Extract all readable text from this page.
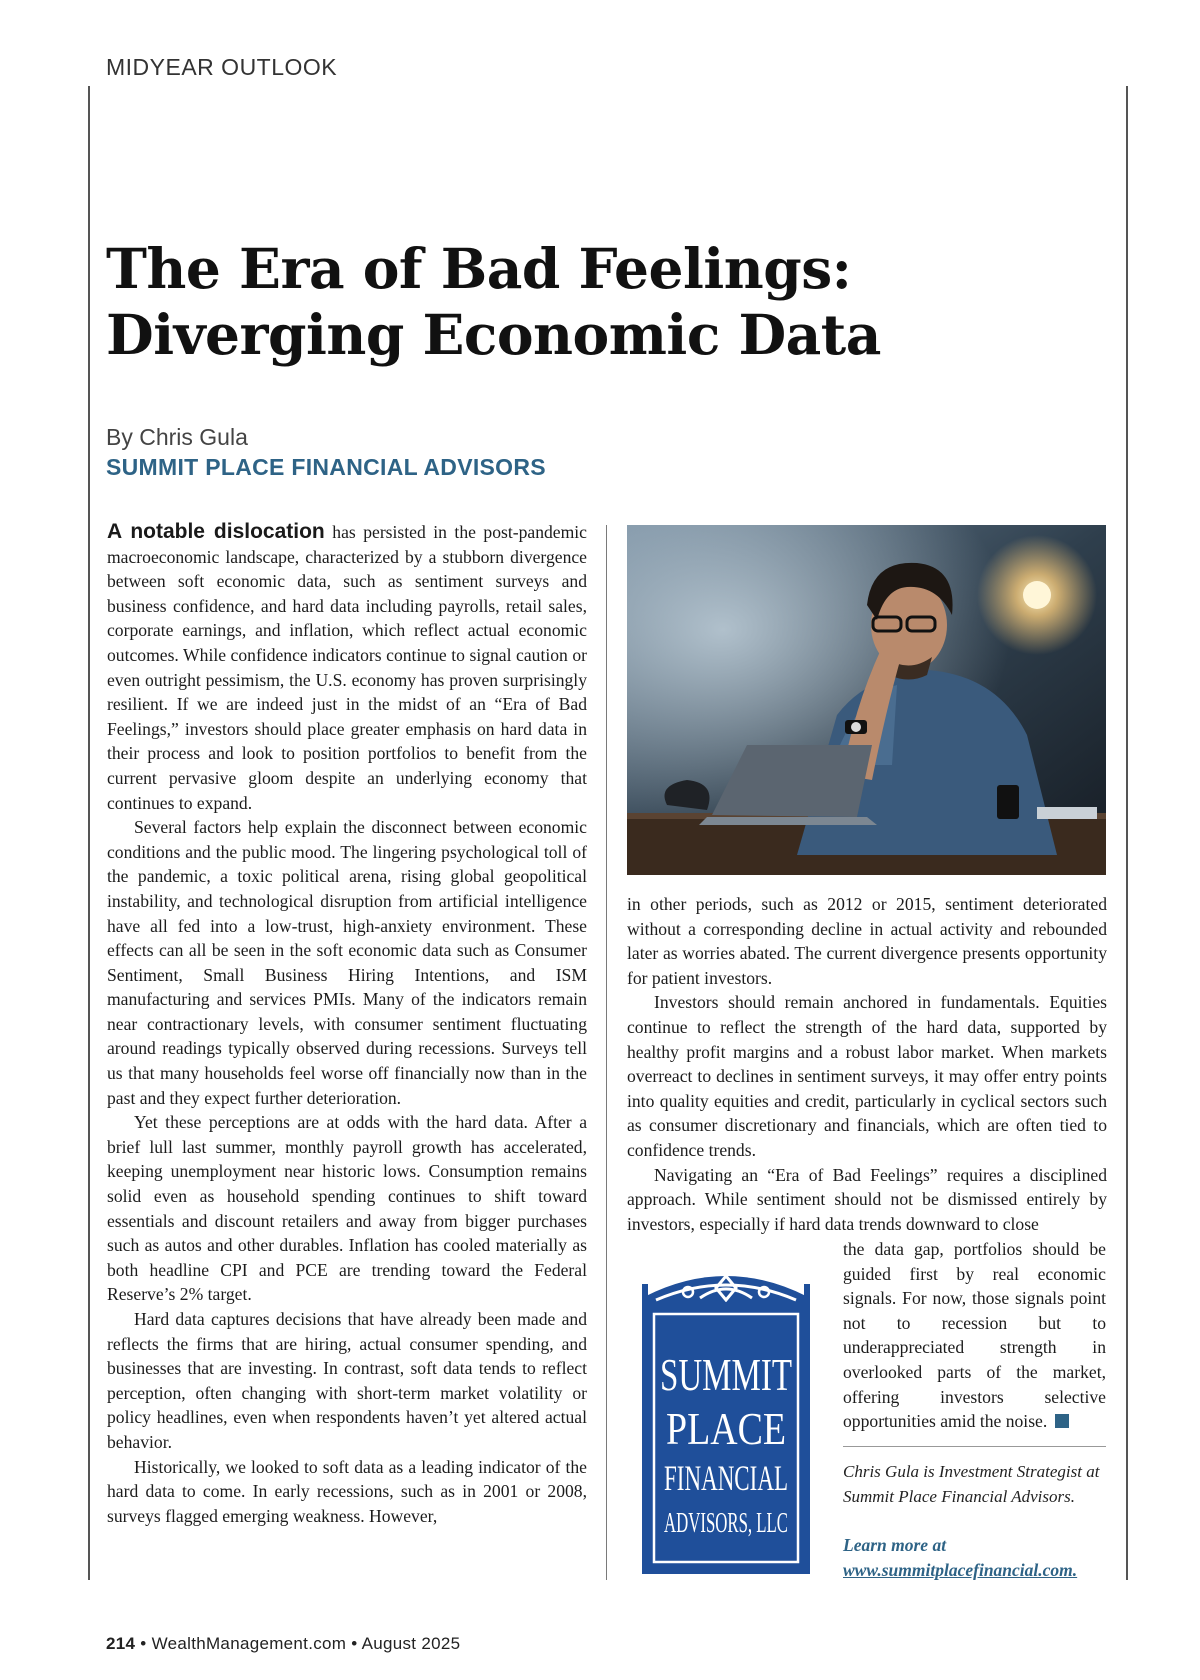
MIDYEAR OUTLOOK
The Era of Bad Feelings:
Diverging Economic Data
By Chris Gula
SUMMIT PLACE FINANCIAL ADVISORS

A notable dislocation has persisted in the post-pandemic macroeconomic landscape, characterized by a stubborn divergence between soft economic data, such as sentiment surveys and business confidence, and hard data including payrolls, retail sales, corporate earnings, and inflation, which reflect actual economic outcomes. While confidence indicators continue to signal caution or even outright pessimism, the U.S. economy has proven surprisingly resilient. If we are indeed just in the midst of an “Era of Bad Feelings,” investors should place greater emphasis on hard data in their process and look to position portfolios to benefit from the current pervasive gloom despite an underlying economy that continues to expand.

Several factors help explain the disconnect between economic conditions and the public mood. The lingering psychological toll of the pandemic, a toxic political arena, rising global geopolitical instability, and technological disruption from artificial intelligence have all fed into a low-trust, high-anxiety environment. These effects can all be seen in the soft economic data such as Consumer Sentiment, Small Business Hiring Intentions, and ISM manufacturing and services PMIs. Many of the indicators remain near contractionary levels, with consumer sentiment fluctuating around readings typically observed during recessions. Surveys tell us that many households feel worse off financially now than in the past and they expect further deterioration.

Yet these perceptions are at odds with the hard data. After a brief lull last summer, monthly payroll growth has accelerated, keeping unemployment near historic lows. Consumption remains solid even as household spending continues to shift toward essentials and discount retailers and away from bigger purchases such as autos and other durables. Inflation has cooled materially as both headline CPI and PCE are trending toward the Federal Reserve’s 2% target.

Hard data captures decisions that have already been made and reflects the firms that are hiring, actual consumer spending, and businesses that are investing. In contrast, soft data tends to reflect perception, often changing with short-term market volatility or policy headlines, even when respondents haven’t yet altered actual behavior.

Historically, we looked to soft data as a leading indicator of the hard data to come. In early recessions, such as in 2001 or 2008, surveys flagged emerging weakness. However,

in other periods, such as 2012 or 2015, sentiment deteriorated without a corresponding decline in actual activity and rebounded later as worries abated. The current divergence presents opportunity for patient investors.

Investors should remain anchored in fundamentals. Equities continue to reflect the strength of the hard data, supported by healthy profit margins and a robust labor market. When markets overreact to declines in sentiment surveys, it may offer entry points into quality equities and credit, particularly in cyclical sectors such as consumer discretionary and financials, which are often tied to confidence trends.

Navigating an “Era of Bad Feelings” requires a disciplined approach. While sentiment should not be dismissed entirely by investors, especially if hard data trends downward to close

the data gap, portfolios should be guided first by real economic signals. For now, those signals point not to recession but to underappreciated strength in overlooked parts of the market, offering investors selective opportunities amid the noise.

SUMMIT
PLACE
FINANCIAL
ADVISORS, LLC
Chris Gula is Investment Strategist at Summit Place Financial Advisors.
Learn more at
www.summitplacefinancial.com.
214 • WealthManagement.com • August 2025
